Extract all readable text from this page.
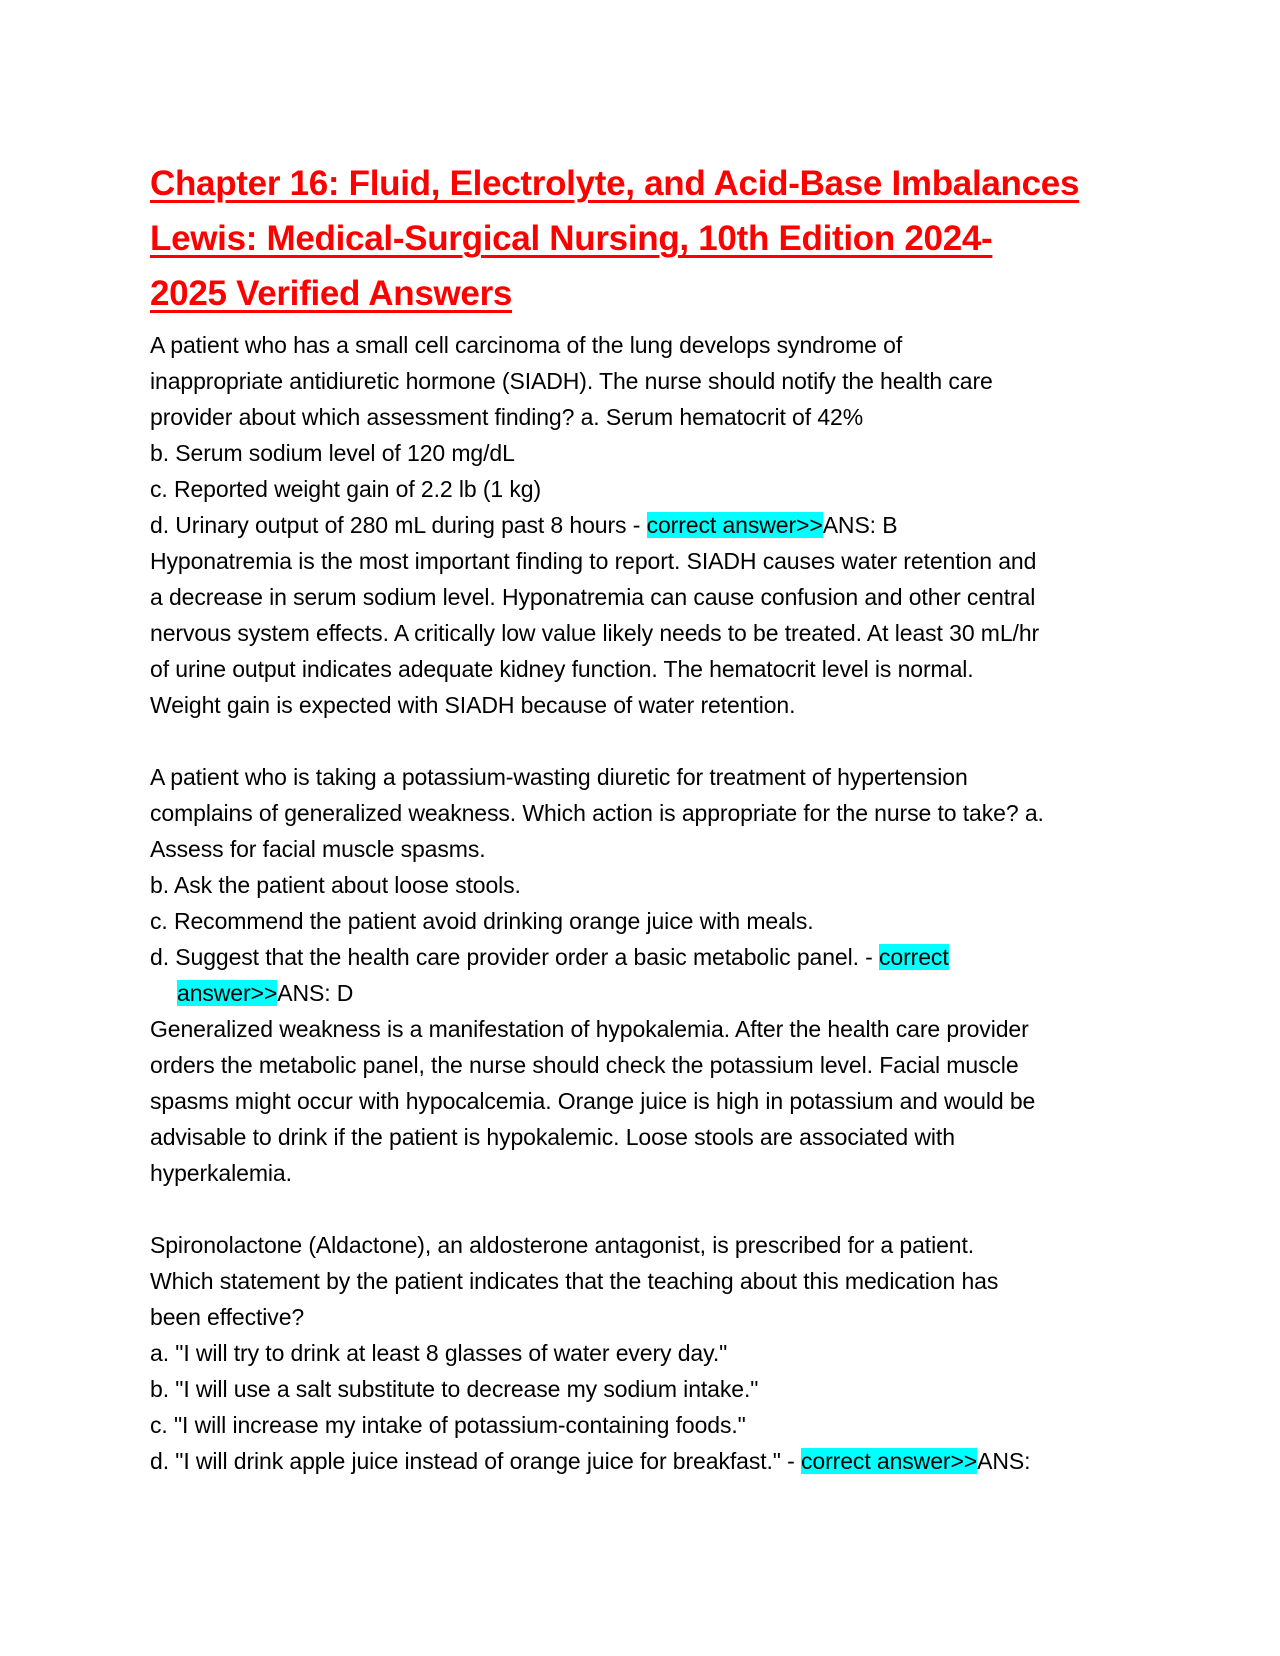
Chapter 16: Fluid, Electrolyte, and Acid-Base Imbalances
Lewis: Medical-Surgical Nursing, 10th Edition 2024-
2025 Verified Answers
A patient who has a small cell carcinoma of the lung develops syndrome of
inappropriate antidiuretic hormone (SIADH). The nurse should notify the health care
provider about which assessment finding? a. Serum hematocrit of 42%
b. Serum sodium level of 120 mg/dL
c. Reported weight gain of 2.2 lb (1 kg)
d. Urinary output of 280 mL during past 8 hours - correct answer>>ANS: B
Hyponatremia is the most important finding to report. SIADH causes water retention and
a decrease in serum sodium level. Hyponatremia can cause confusion and other central
nervous system effects. A critically low value likely needs to be treated. At least 30 mL/hr
of urine output indicates adequate kidney function. The hematocrit level is normal.
Weight gain is expected with SIADH because of water retention.
A patient who is taking a potassium-wasting diuretic for treatment of hypertension
complains of generalized weakness. Which action is appropriate for the nurse to take? a.
Assess for facial muscle spasms.
b. Ask the patient about loose stools.
c. Recommend the patient avoid drinking orange juice with meals.
d. Suggest that the health care provider order a basic metabolic panel. - correct
answer>>ANS: D
Generalized weakness is a manifestation of hypokalemia. After the health care provider
orders the metabolic panel, the nurse should check the potassium level. Facial muscle
spasms might occur with hypocalcemia. Orange juice is high in potassium and would be
advisable to drink if the patient is hypokalemic. Loose stools are associated with
hyperkalemia.
Spironolactone (Aldactone), an aldosterone antagonist, is prescribed for a patient.
Which statement by the patient indicates that the teaching about this medication has
been effective?
a. "I will try to drink at least 8 glasses of water every day."
b. "I will use a salt substitute to decrease my sodium intake."
c. "I will increase my intake of potassium-containing foods."
d. "I will drink apple juice instead of orange juice for breakfast." - correct answer>>ANS:
